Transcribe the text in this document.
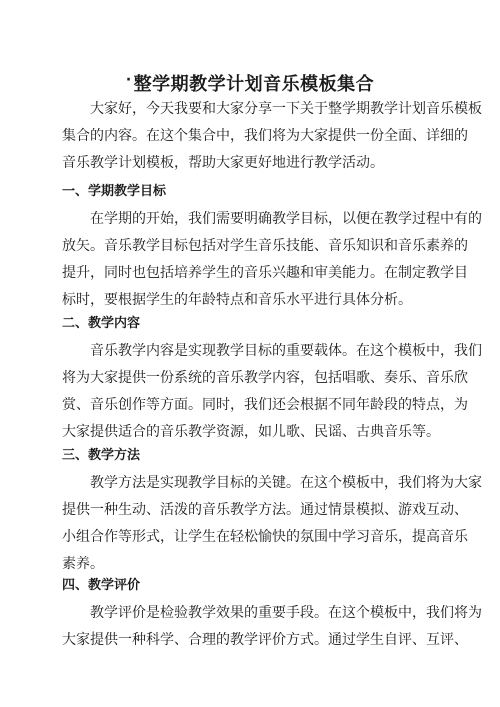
· 整学期教学计划音乐模板集合

大家好，今天我要和大家分享一下关于整学期教学计划音乐模板
集合的内容。在这个集合中，我们将为大家提供一份全面、详细的
音乐教学计划模板，帮助大家更好地进行教学活动。

一、学期教学目标

在学期的开始，我们需要明确教学目标，以便在教学过程中有的
放矢。音乐教学目标包括对学生音乐技能、音乐知识和音乐素养的
提升，同时也包括培养学生的音乐兴趣和审美能力。在制定教学目
标时，要根据学生的年龄特点和音乐水平进行具体分析。

二、教学内容

音乐教学内容是实现教学目标的重要载体。在这个模板中，我们
将为大家提供一份系统的音乐教学内容，包括唱歌、奏乐、音乐欣
赏、音乐创作等方面。同时，我们还会根据不同年龄段的特点，为
大家提供适合的音乐教学资源，如儿歌、民谣、古典音乐等。

三、教学方法

教学方法是实现教学目标的关键。在这个模板中，我们将为大家
提供一种生动、活泼的音乐教学方法。通过情景模拟、游戏互动、
小组合作等形式，让学生在轻松愉快的氛围中学习音乐，提高音乐
素养。

四、教学评价

教学评价是检验教学效果的重要手段。在这个模板中，我们将为
大家提供一种科学、合理的教学评价方式。通过学生自评、互评、
